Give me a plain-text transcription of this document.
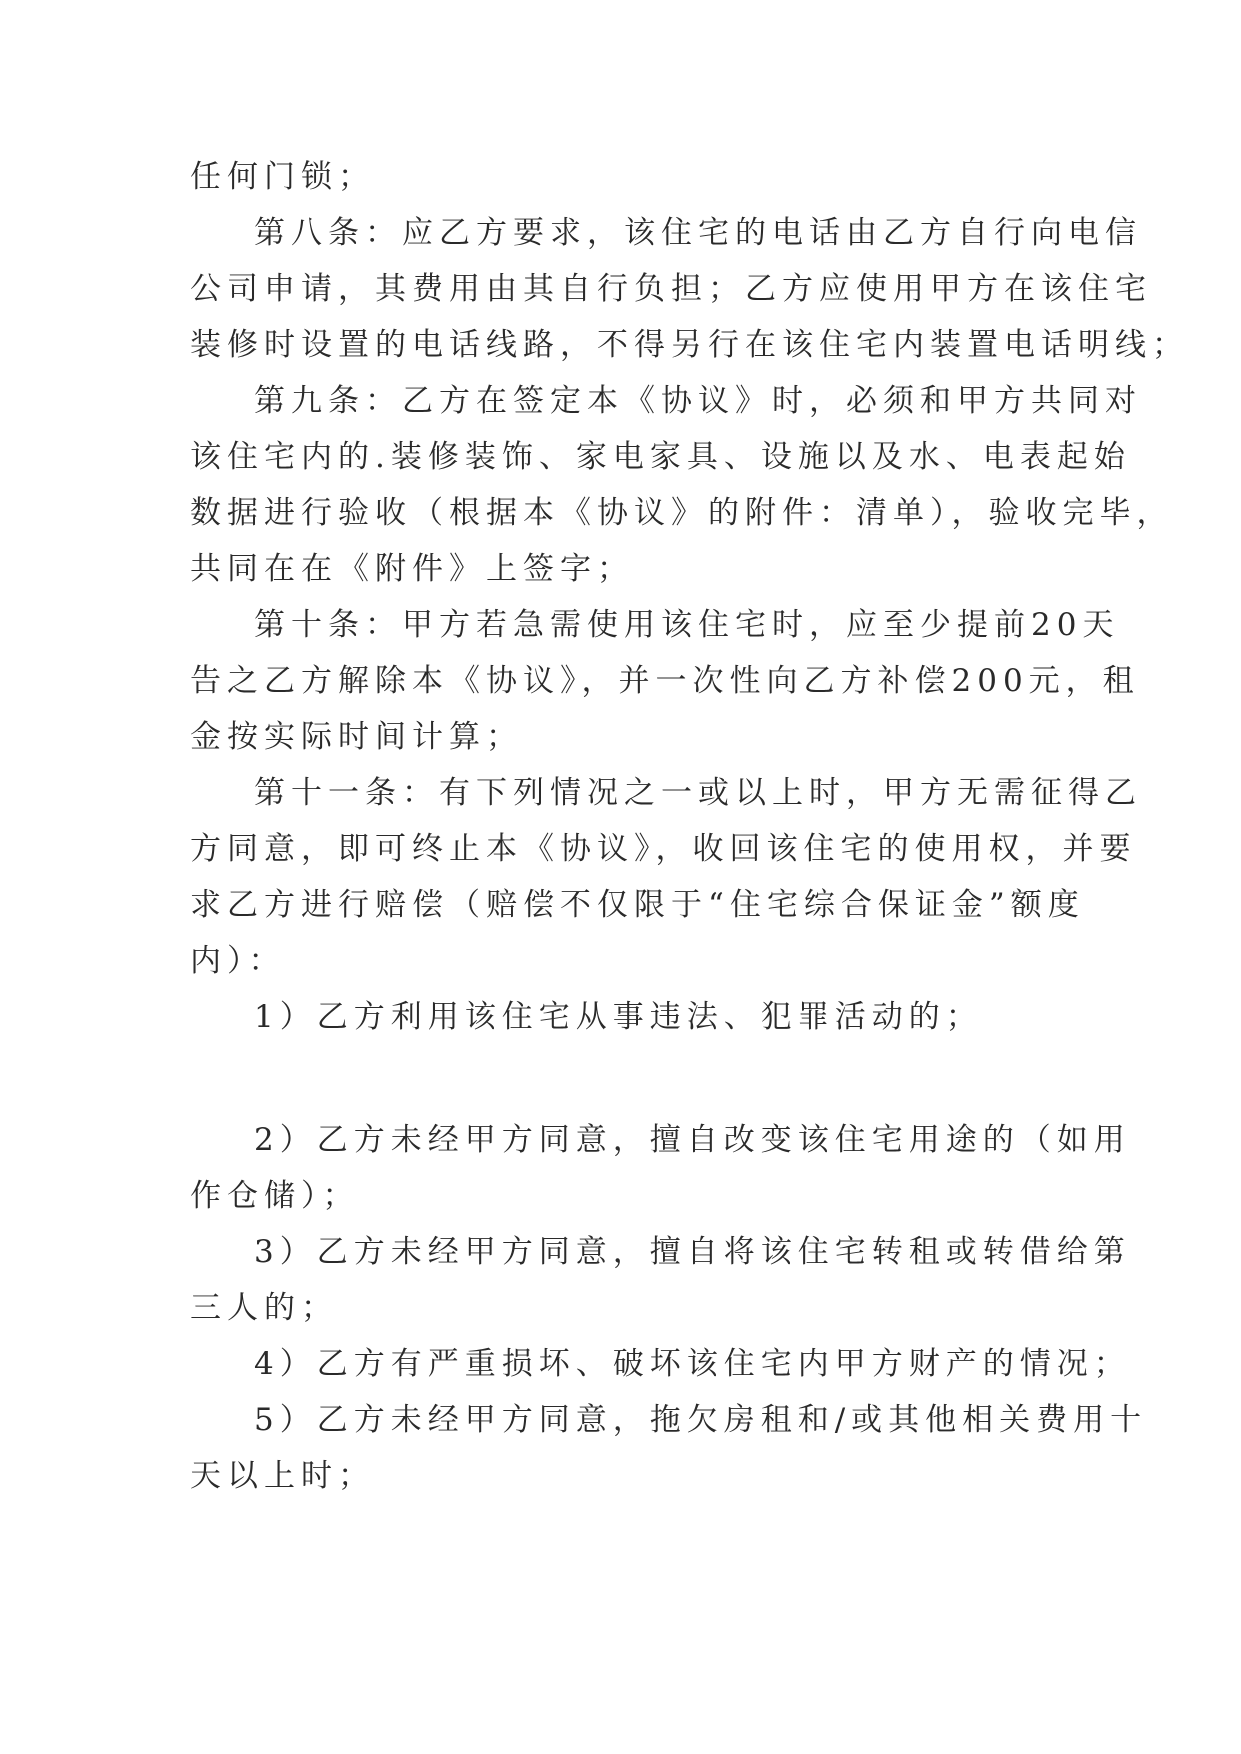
任何门锁；
第八条：应乙方要求，该住宅的电话由乙方自行向电信
公司申请，其费用由其自行负担；乙方应使用甲方在该住宅
装修时设置的电话线路，不得另行在该住宅内装置电话明线；
第九条：乙方在签定本《协议》时，必须和甲方共同对
该住宅内的.装修装饰、家电家具、设施以及水、电表起始
数据进行验收（根据本《协议》的附件：清单），验收完毕，
共同在在《附件》上签字；
第十条：甲方若急需使用该住宅时，应至少提前20天
告之乙方解除本《协议》，并一次性向乙方补偿200元，租
金按实际时间计算；
第十一条：有下列情况之一或以上时，甲方无需征得乙
方同意，即可终止本《协议》，收回该住宅的使用权，并要
求乙方进行赔偿（赔偿不仅限于“住宅综合保证金”额度
内）：
1）乙方利用该住宅从事违法、犯罪活动的；
2）乙方未经甲方同意，擅自改变该住宅用途的（如用
作仓储）；
3）乙方未经甲方同意，擅自将该住宅转租或转借给第
三人的；
4）乙方有严重损坏、破坏该住宅内甲方财产的情况；
5）乙方未经甲方同意，拖欠房租和/或其他相关费用十
天以上时；
